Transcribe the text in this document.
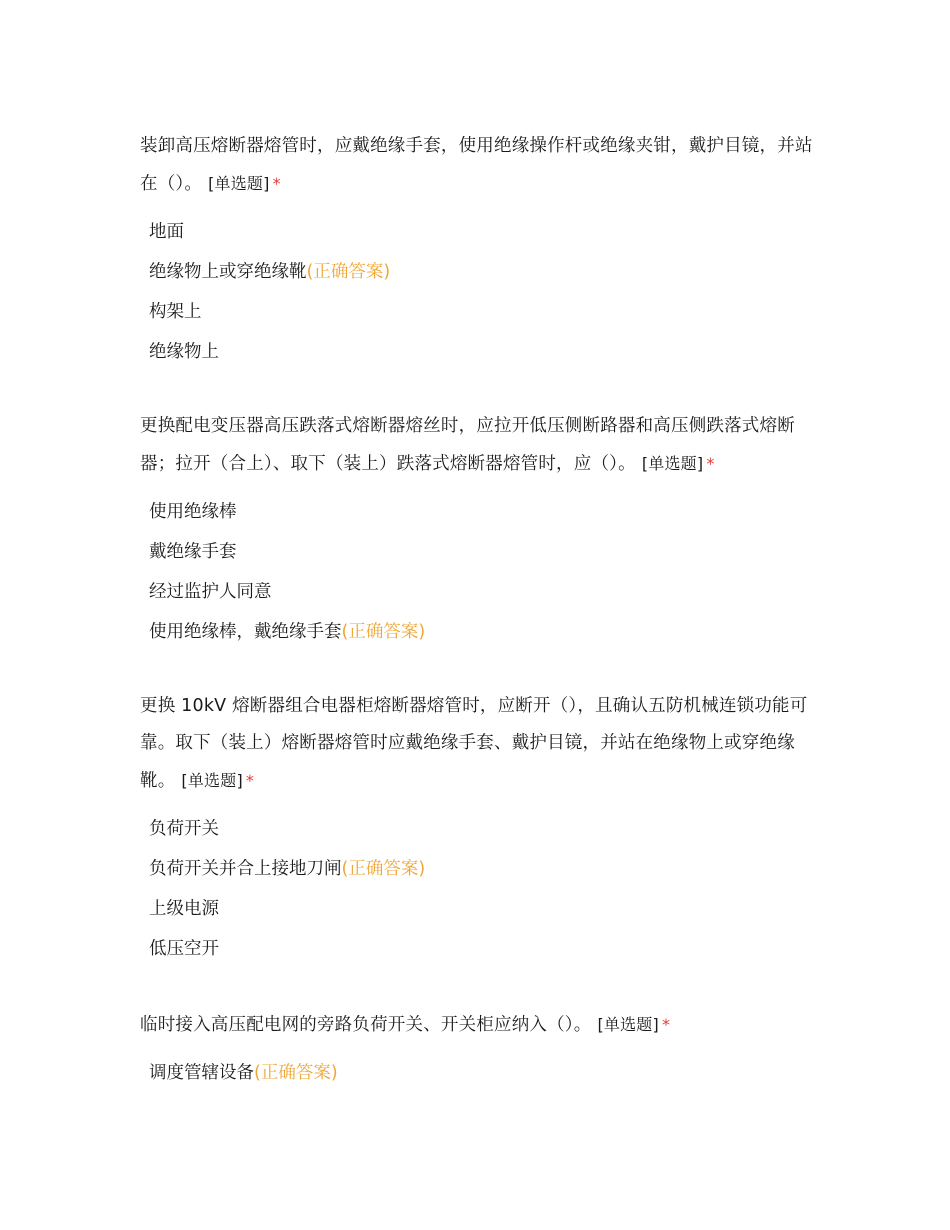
装卸高压熔断器熔管时，应戴绝缘手套，使用绝缘操作杆或绝缘夹钳，戴护目镜，并站在（）。 [单选题] *

地面
绝缘物上或穿绝缘靴(正确答案)
构架上
绝缘物上

更换配电变压器高压跌落式熔断器熔丝时，应拉开低压侧断路器和高压侧跌落式熔断器；拉开（合上）、取下（装上）跌落式熔断器熔管时，应（）。 [单选题] *

使用绝缘棒
戴绝缘手套
经过监护人同意
使用绝缘棒，戴绝缘手套(正确答案)

更换 10kV 熔断器组合电器柜熔断器熔管时，应断开（），且确认五防机械连锁功能可靠。取下（装上）熔断器熔管时应戴绝缘手套、戴护目镜，并站在绝缘物上或穿绝缘靴。 [单选题] *

负荷开关
负荷开关并合上接地刀闸(正确答案)
上级电源
低压空开

临时接入高压配电网的旁路负荷开关、开关柜应纳入（）。 [单选题] *

调度管辖设备(正确答案)
